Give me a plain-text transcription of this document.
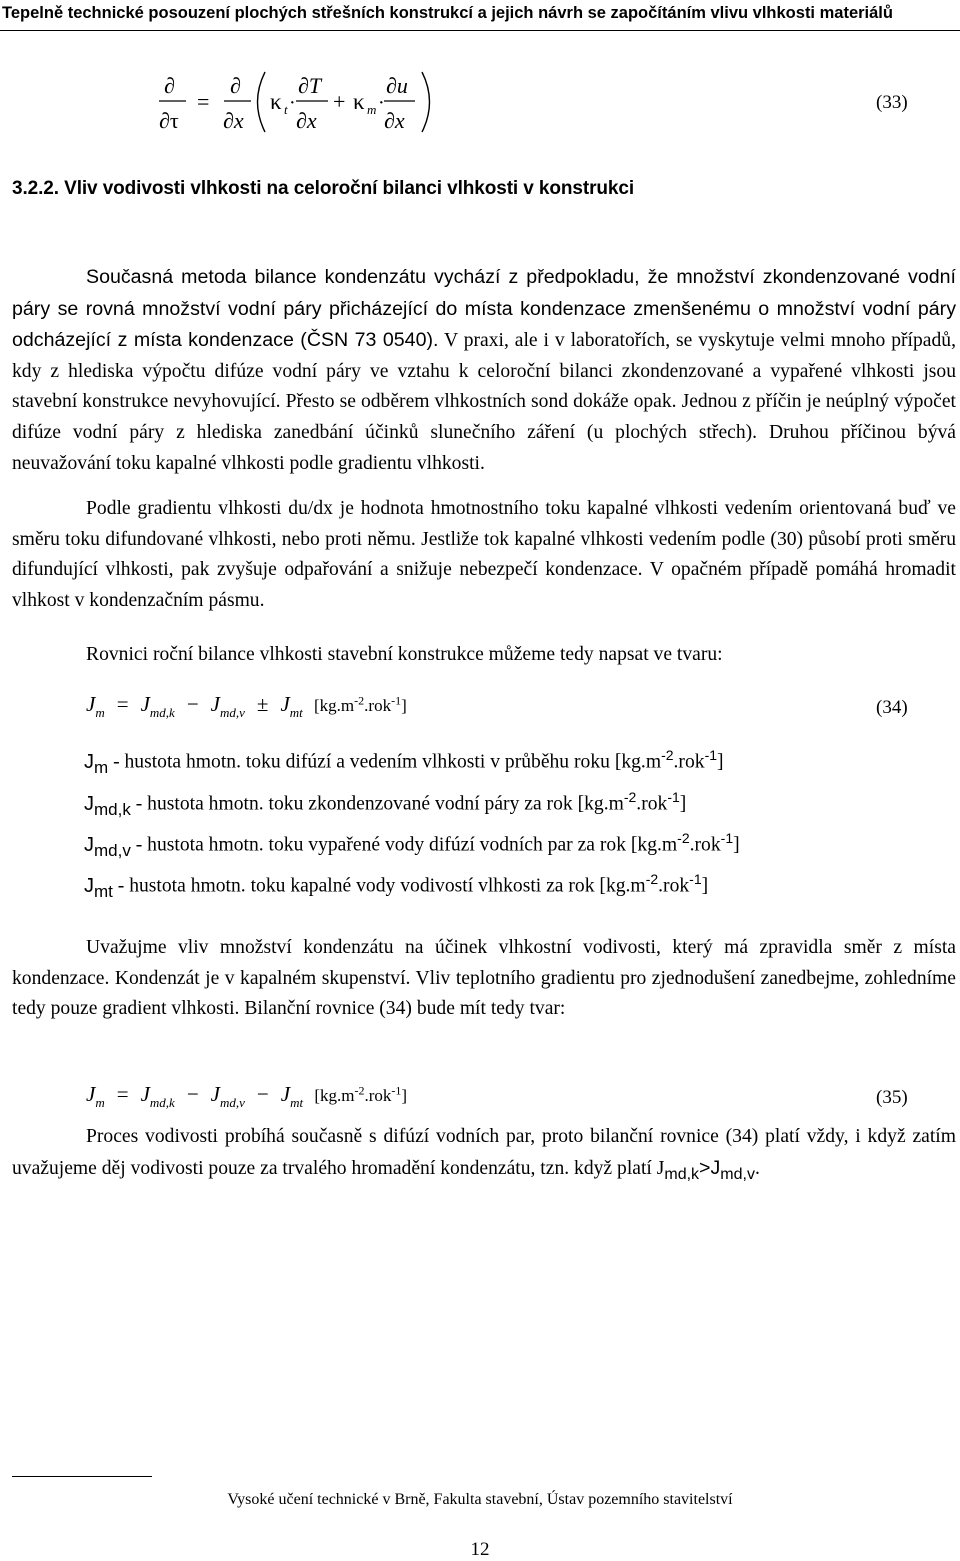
Tepelně technické posouzení plochých střešních konstrukcí a jejich návrh se započítáním vlivu vlhkosti materiálů
∂
∂τ
=
∂
∂x
κ t ·
∂T
∂x
+ κ m ·
∂u
∂x
(33)
3.2.2. Vliv vodivosti vlhkosti na celoroční bilanci vlhkosti v konstrukci

Současná metoda bilance kondenzátu vychází z předpokladu, že množství zkondenzované vodní páry se rovná množství vodní páry přicházející do místa kondenzace zmenšenému o množství vodní páry odcházející z místa kondenzace (ČSN 73 0540). V praxi, ale i v laboratořích, se vyskytuje velmi mnoho případů, kdy z hlediska výpočtu difúze vodní páry ve vztahu k celoroční bilanci zkondenzované a vypařené vlhkosti jsou stavební konstrukce nevyhovující. Přesto se odběrem vlhkostních sond dokáže opak. Jednou z příčin je neúplný výpočet difúze vodní páry z hlediska zanedbání účinků slunečního záření (u plochých střech). Druhou příčinou bývá neuvažování toku kapalné vlhkosti podle gradientu vlhkosti.

Podle gradientu vlhkosti du/dx je hodnota hmotnostního toku kapalné vlhkosti vedením orientovaná buď ve směru toku difundované vlhkosti, nebo proti němu. Jestliže tok kapalné vlhkosti vedením podle (30) působí proti směru difundující vlhkosti, pak zvyšuje odpařování a snižuje nebezpečí kondenzace. V opačném případě pomáhá hromadit vlhkost v kondenzačním pásmu.

Rovnici roční bilance vlhkosti stavební konstrukce můžeme tedy napsat ve tvaru:

$J_m = J_{md,k} - J_{md,v} \pm J_{mt}$ $[kg.m^{-2}.rok^{-1}]$	(34)
$J_m$ - hustota hmotn. toku difúzí a vedením vlhkosti v průběhu roku $[kg.m^{-2}.rok^{-1}]$
$J_{md,k}$ - hustota hmotn. toku zkondenzované vodní páry za rok $[kg.m^{-2}.rok^{-1}]$
$J_{md,v}$ - hustota hmotn. toku vypařené vody difúzí vodních par za rok $[kg.m^{-2}.rok^{-1}]$
$J_{mt}$ - hustota hmotn. toku kapalné vody vodivostí vlhkosti za rok $[kg.m^{-2}.rok^{-1}]$

Uvažujme vliv množství kondenzátu na účinek vlhkostní vodivosti, který má zpravidla směr z místa kondenzace. Kondenzát je v kapalném skupenství. Vliv teplotního gradientu pro zjednodušení zanedbejme, zohledníme tedy pouze gradient vlhkosti. Bilanční rovnice (34) bude mít tedy tvar:

$J_m = J_{md,k} - J_{md,v} - J_{mt}$ $[kg.m^{-2}.rok^{-1}]$	(35)

Proces vodivosti probíhá současně s difúzí vodních par, proto bilanční rovnice (34) platí vždy, i když zatím uvažujeme děj vodivosti pouze za trvalého hromadění kondenzátu, tzn. když platí $J_{md,k}>J_{md,v}$.

Vysoké učení technické v Brně, Fakulta stavební, Ústav pozemního stavitelství
12
